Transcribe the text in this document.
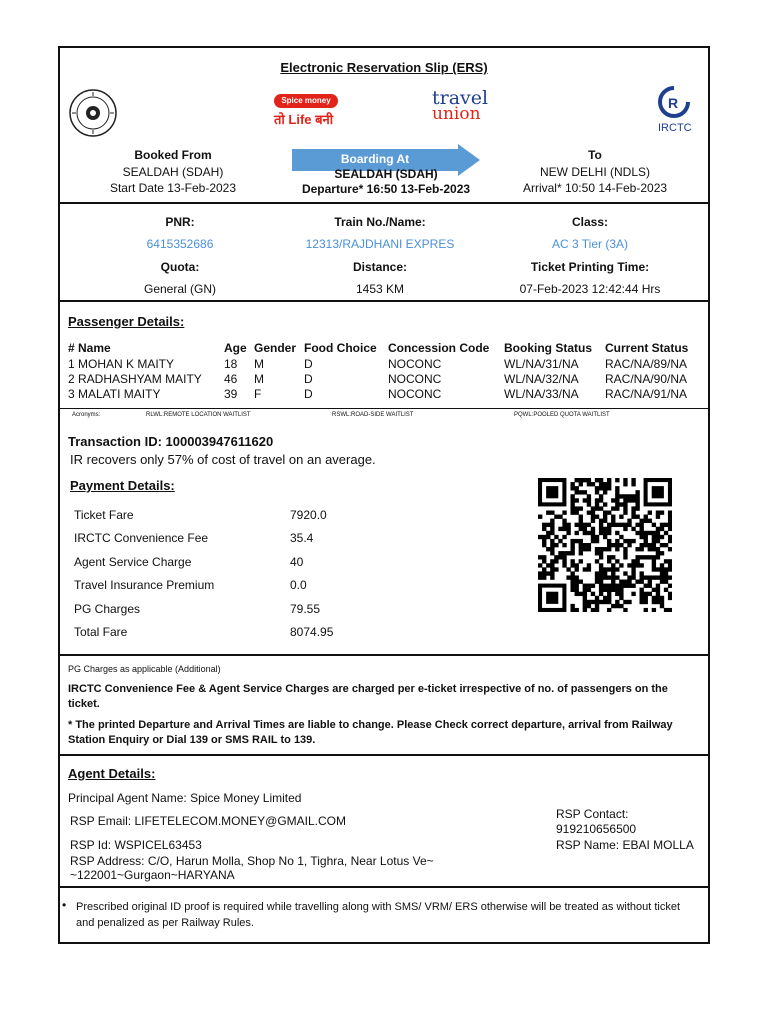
Electronic Reservation Slip (ERS)
Spice money
तो Life बनी
travel
union
R
IRCTC
Booked From
SEALDAH (SDAH)
Start Date 13-Feb-2023
Boarding At
SEALDAH (SDAH)
Departure* 16:50 13-Feb-2023
To
NEW DELHI (NDLS)
Arrival* 10:50 14-Feb-2023
PNR:
6415352686
Train No./Name:
12313/RAJDHANI EXPRES
Class:
AC 3 Tier (3A)
Quota:
General (GN)
Distance:
1453 KM
Ticket Printing Time:
07-Feb-2023 12:42:44 Hrs
Passenger Details:
# Name	Age	Gender	Food Choice	Concession Code	Booking Status	Current Status
1 MOHAN K MAITY	18	M	D	NOCONC	WL/NA/31/NA	RAC/NA/89/NA
2 RADHASHYAM MAITY	46	M	D	NOCONC	WL/NA/32/NA	RAC/NA/90/NA
3 MALATI MAITY	39	F	D	NOCONC	WL/NA/33/NA	RAC/NA/91/NA
Acronyms:	RLWL:REMOTE LOCATION WAITLIST	RSWL:ROAD-SIDE WAITLIST	PQWL:POOLED QUOTA WAITLIST
Transaction ID: 100003947611620
IR recovers only 57% of cost of travel on an average.
Payment Details:
Ticket Fare	7920.0
IRCTC Convenience Fee	35.4
Agent Service Charge	40
Travel Insurance Premium	0.0
PG Charges	79.55
Total Fare	8074.95
PG Charges as applicable (Additional)
IRCTC Convenience Fee & Agent Service Charges are charged per e-ticket irrespective of no. of passengers on the
ticket.
* The printed Departure and Arrival Times are liable to change. Please Check correct departure, arrival from Railway
Station Enquiry or Dial 139 or SMS RAIL to 139.
Agent Details:
Principal Agent Name: Spice Money Limited
RSP Email: LIFETELECOM.MONEY@GMAIL.COM
RSP Id: WSPICEL63453
RSP Address: C/O, Harun Molla, Shop No 1, Tighra, Near Lotus Ve~
~122001~Gurgaon~HARYANA
RSP Contact:
919210656500
RSP Name: EBAI MOLLA
• Prescribed original ID proof is required while travelling along with SMS/ VRM/ ERS otherwise will be treated as without ticket
and penalized as per Railway Rules.
